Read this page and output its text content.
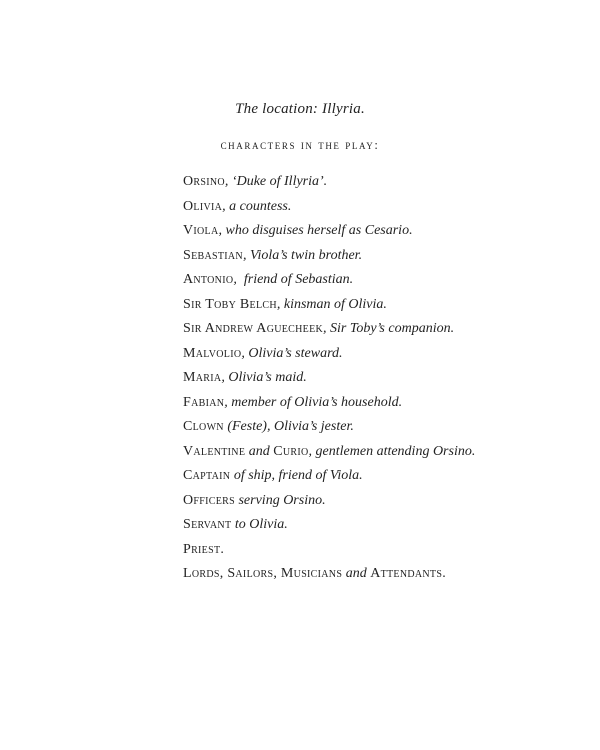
The location: Illyria.
characters in the play:
Orsino, ‘Duke of Illyria’.
Olivia, a countess.
Viola, who disguises herself as Cesario.
Sebastian, Viola’s twin brother.
Antonio,  friend of Sebastian.
Sir Toby Belch, kinsman of Olivia.
Sir Andrew Aguecheek, Sir Toby’s companion.
Malvolio, Olivia’s steward.
Maria, Olivia’s maid.
Fabian, member of Olivia’s household.
Clown (Feste), Olivia’s jester.
Valentine and Curio, gentlemen attending Orsino.
Captain of ship, friend of Viola.
Officers serving Orsino.
Servant to Olivia.
Priest.
Lords, Sailors, Musicians and Attendants.
